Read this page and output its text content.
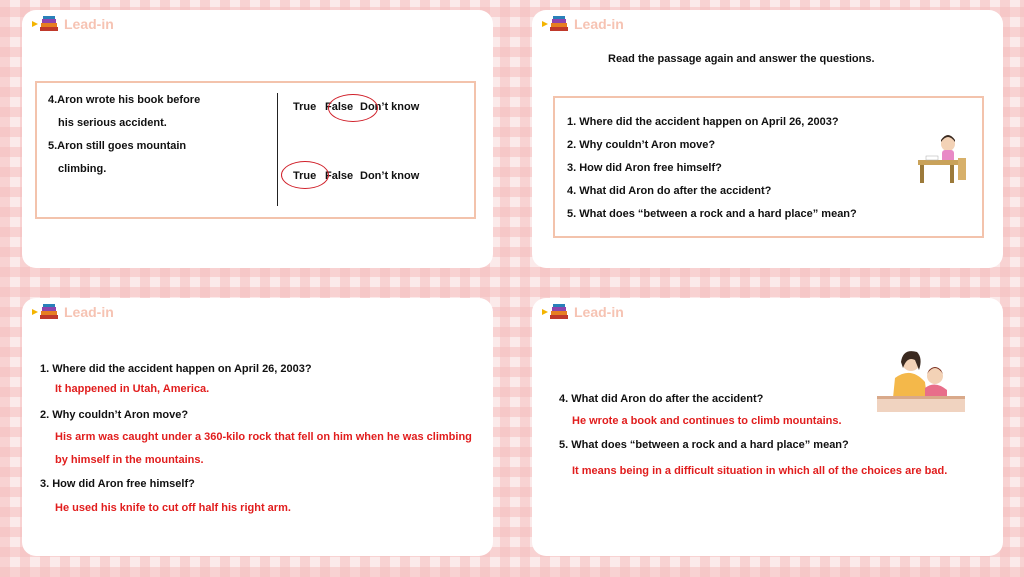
Lead-in
4.Aron wrote his book before
his serious accident.
5.Aron still goes mountain
climbing.
True False Don’t know
True False Don’t know
Lead-in
Read the passage again and answer the questions.
1. Where did the accident happen on April 26, 2003?
2. Why couldn’t Aron move?
3. How did Aron free himself?
4. What did Aron do after the accident?
5. What does “between a rock and a hard place” mean?
Lead-in
1. Where did the accident happen on April 26, 2003?
It happened in Utah, America.
2. Why couldn’t Aron move?
His arm was caught under a 360-kilo rock that fell on him when he was climbing
by himself in the mountains.
3. How did Aron free himself?
He used his knife to cut off half his right arm.
Lead-in
4. What did Aron do after the accident?
He wrote a book and continues to climb mountains.
5. What does “between a rock and a hard place” mean?
It means being in a difficult situation in which all of the choices are bad.
